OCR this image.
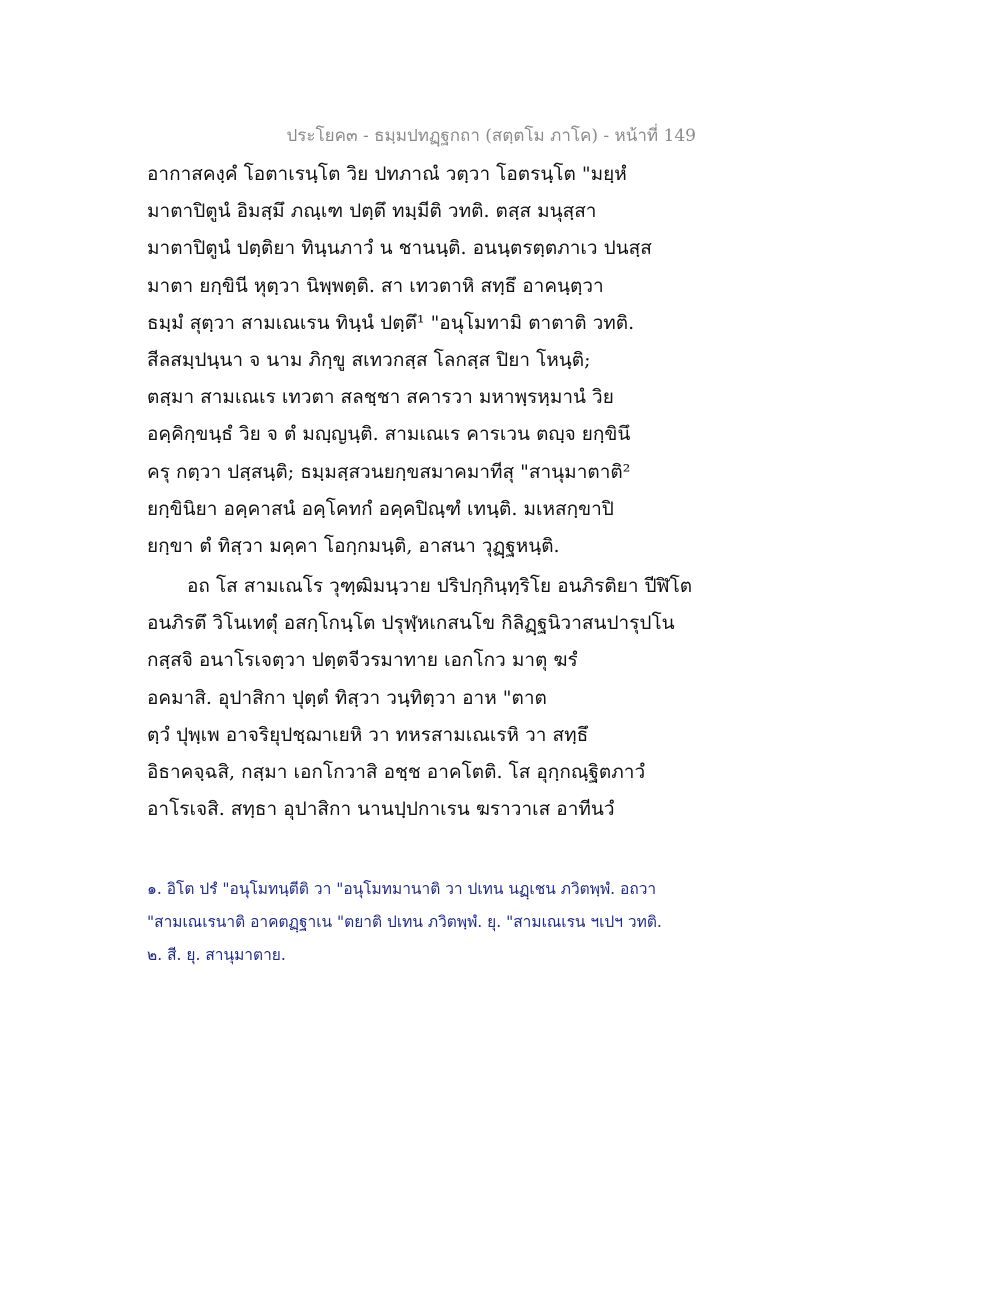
ประโยค๓ - ธมฺมปทฏฺฐกถา (สตฺตโม ภาโค) - หน้าที่ 149
อากาสคงฺคํ โอตาเรนฺโต วิย ปทภาณํ วตฺวา โอตรนฺโต "มยฺหํ
มาตาปิตูนํ อิมสฺมึ ภณฺเฑ ปตฺตึ ทมฺมีติ วทติ. ตสฺส มนุสฺสา
มาตาปิตูนํ ปตฺติยา ทินฺนภาวํ น ชานนฺติ. อนนฺตรตฺตภาเว ปนสฺส
มาตา ยกฺขินี หุตฺวา นิพฺพตฺติ. สา เทวตาหิ สทฺธึ อาคนฺตฺวา
ธมฺมํ สุตฺวา สามเณเรน ทินฺนํ ปตฺตึ¹ "อนุโมทามิ ตาตาติ วทติ.
สีลสมฺปนฺนา จ นาม ภิกฺขู สเทวกสฺส โลกสฺส ปิยา โหนฺติ;
ตสฺมา สามเณเร เทวตา สลชฺชา สคารวา มหาพฺรหฺมานํ วิย
อคฺคิกฺขนฺธํ วิย จ ตํ มญฺญนฺติ. สามเณเร คารเวน ตญฺจ ยกฺขินึ
ครุ กตฺวา ปสฺสนฺติ; ธมฺมสฺสวนยกฺขสมาคมาทีสุ "สานุมาตาติ²
ยกฺขินิยา อคฺคาสนํ อคฺโคทกํ อคฺคปิณฺฑํ เทนฺติ. มเหสกฺขาปิ
ยกฺขา ตํ ทิสฺวา มคฺคา โอกฺกมนฺติ, อาสนา วุฏฺฐหนฺติ.
อถ โส สามเณโร วุฑฺฒิมนฺวาย ปริปกฺกินฺทฺริโย อนภิรติยา ปีฬิโต
อนภิรตึ วิโนเทตุํ อสกฺโกนฺโต ปรุฬฺหเกสนโข กิลิฏฺฐนิวาสนปารุปโน
กสฺสจิ อนาโรเจตฺวา ปตฺตจีวรมาทาย เอกโกว มาตุ ฆรํ
อคมาสิ. อุปาสิกา ปุตฺตํ ทิสฺวา วนฺทิตฺวา อาห "ตาต
ตฺวํ ปุพฺเพ อาจริยุปชฺฌาเยหิ วา ทหรสามเณเรหิ วา สทฺธึ
อิธาคจฺฉสิ, กสฺมา เอกโกวาสิ อชฺช อาคโตติ. โส อุกฺกณฺฐิตภาวํ
อาโรเจสิ. สทฺธา อุปาสิกา นานปฺปกาเรน ฆราวาเส อาทีนวํ
๑. อิโต ปรํ "อนุโมทนฺตีติ วา "อนุโมทมานาติ วา ปเทน นฏฺเชน ภวิตพฺพํ. อถวา
"สามเณเรนาติ อาคตฏฺฐาเน "ตยาติ ปเทน ภวิตพฺพํ. ยุ. "สามเณเรน ฯเปฯ วทติ.
๒. สี. ยุ. สานุมาตาย.
